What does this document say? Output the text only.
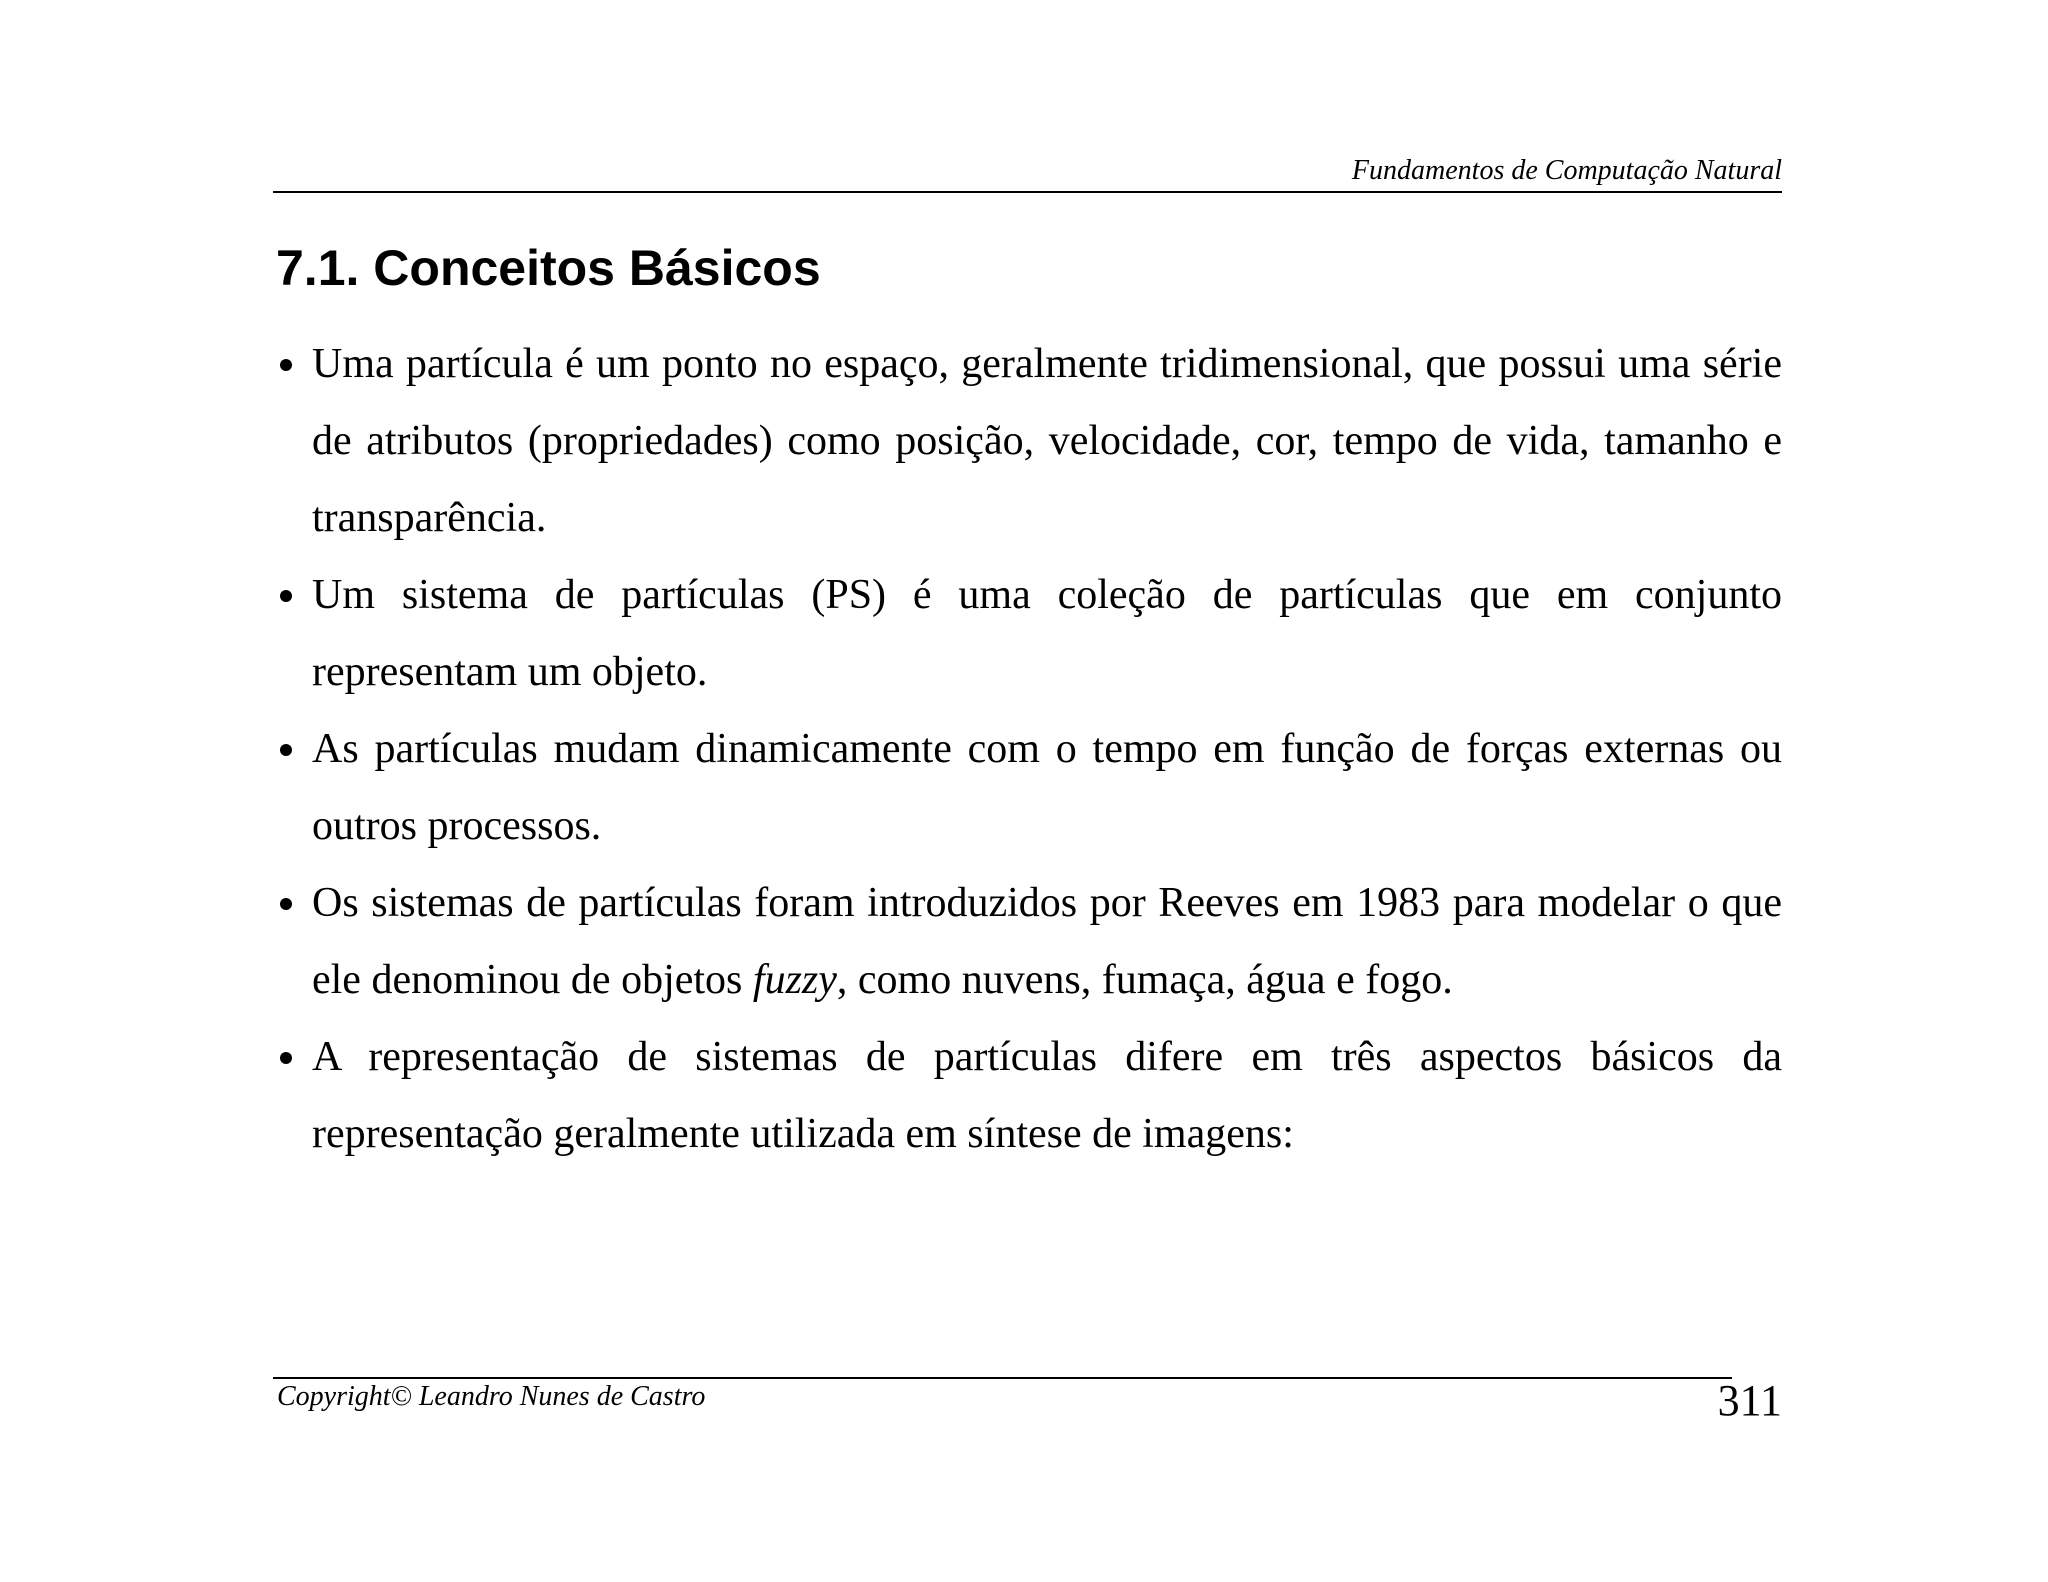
Fundamentos de Computação Natural
7.1. Conceitos Básicos
Uma partícula é um ponto no espaço, geralmente tridimensional, que possui uma série de atributos (propriedades) como posição, velocidade, cor, tempo de vida, tamanho e transparência.
Um sistema de partículas (PS) é uma coleção de partículas que em conjunto representam um objeto.
As partículas mudam dinamicamente com o tempo em função de forças externas ou outros processos.
Os sistemas de partículas foram introduzidos por Reeves em 1983 para modelar o que ele denominou de objetos fuzzy, como nuvens, fumaça, água e fogo.
A representação de sistemas de partículas difere em três aspectos básicos da representação geralmente utilizada em síntese de imagens:
Copyright© Leandro Nunes de Castro	311
